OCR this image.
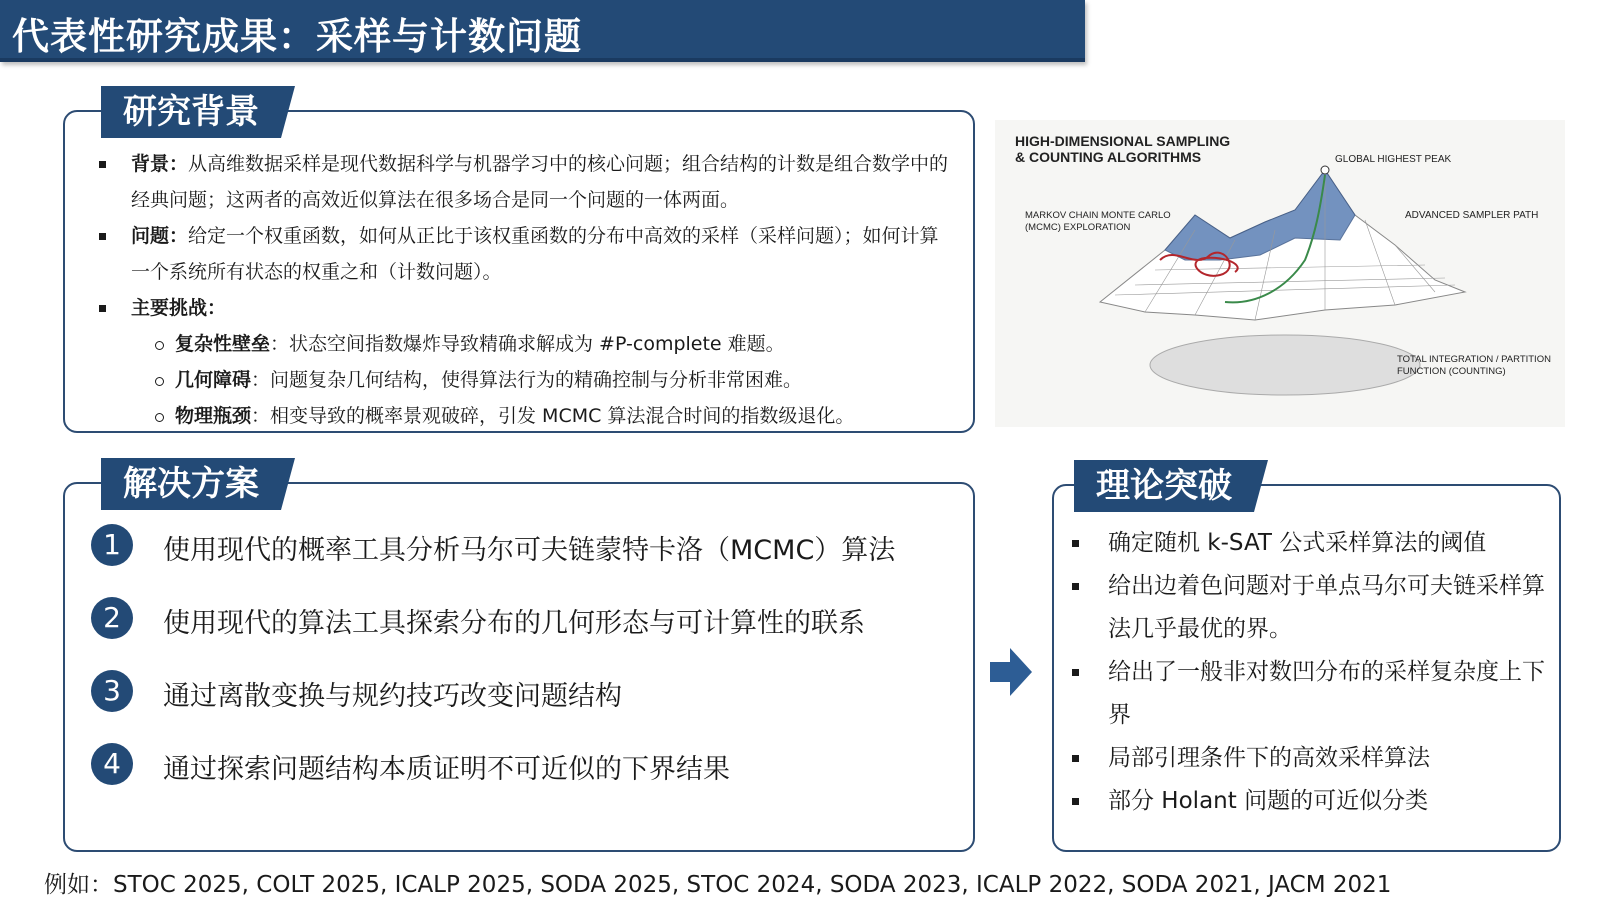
代表性研究成果：采样与计数问题
研究背景
背景：从高维数据采样是现代数据科学与机器学习中的核心问题；组合结构的计数是组合数学中的经典问题；这两者的高效近似算法在很多场合是同一个问题的一体两面。
问题：给定一个权重函数，如何从正比于该权重函数的分布中高效的采样（采样问题）；如何计算一个系统所有状态的权重之和（计数问题）。
主要挑战：
复杂性壁垒：状态空间指数爆炸导致精确求解成为 #P-complete 难题。
几何障碍：问题复杂几何结构，使得算法行为的精确控制与分析非常困难。
物理瓶颈：相变导致的概率景观破碎，引发 MCMC 算法混合时间的指数级退化。
HIGH-DIMENSIONAL SAMPLING
& COUNTING ALGORITHMS	GLOBAL HIGHEST PEAK
MARKOV CHAIN MONTE CARLO
(MCMC) EXPLORATION
ADVANCED SAMPLER PATH
TOTAL INTEGRATION / PARTITION
FUNCTION (COUNTING)
解决方案
1	使用现代的概率工具分析马尔可夫链蒙特卡洛（MCMC）算法
2	使用现代的算法工具探索分布的几何形态与可计算性的联系
3	通过离散变换与规约技巧改变问题结构
4	通过探索问题结构本质证明不可近似的下界结果
理论突破
确定随机 k-SAT 公式采样算法的阈值
给出边着色问题对于单点马尔可夫链采样算法几乎最优的界。
给出了一般非对数凹分布的采样复杂度上下界
局部引理条件下的高效采样算法
部分 Holant 问题的可近似分类
例如：STOC 2025, COLT 2025, ICALP 2025, SODA 2025, STOC 2024, SODA 2023, ICALP 2022, SODA 2021, JACM 2021
